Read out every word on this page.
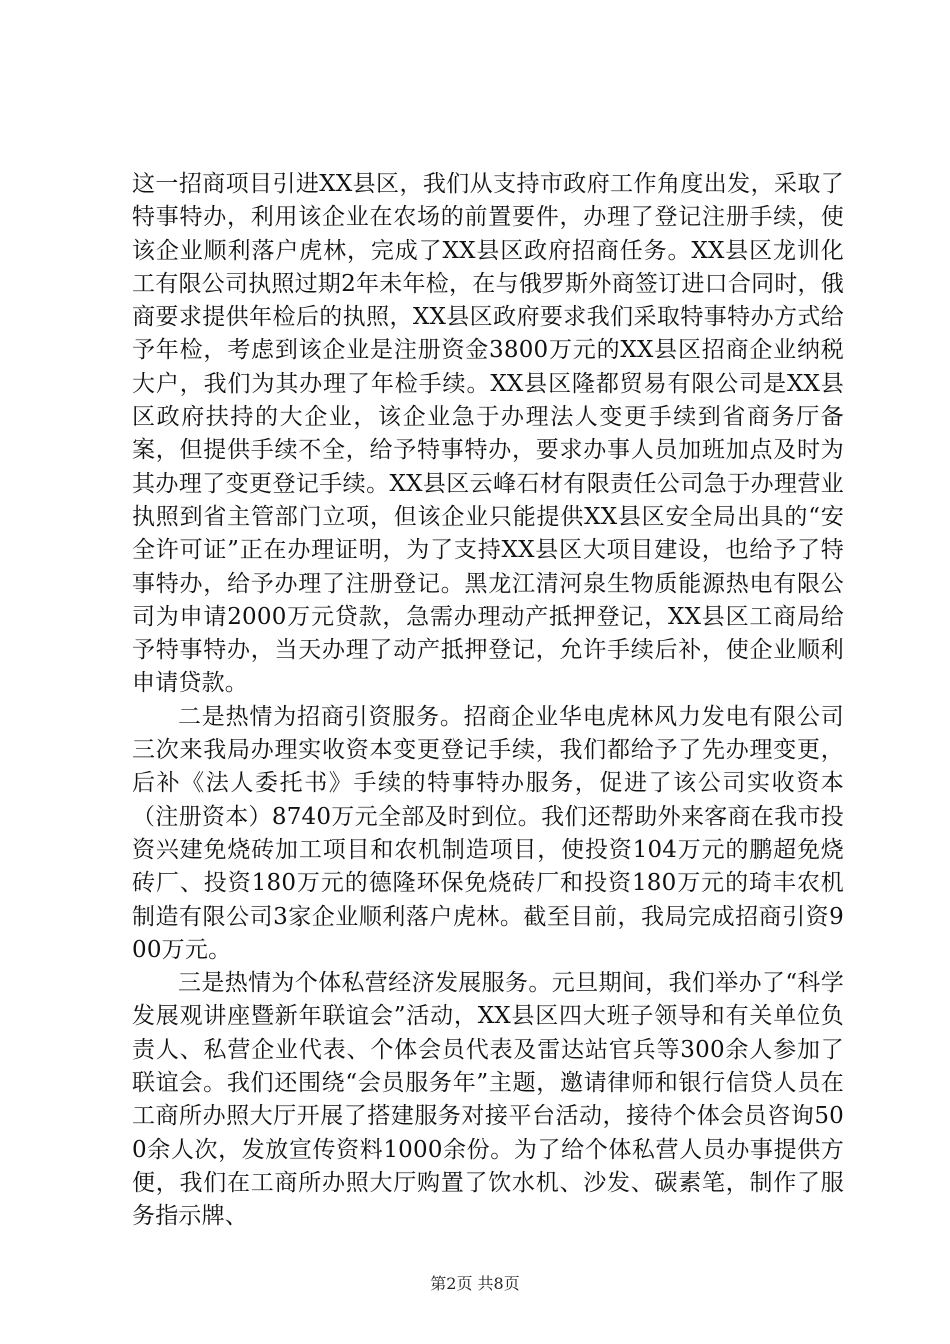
这一招商项目引进XX县区，我们从支持市政府工作角度出发，采取了特事特办，利用该企业在农场的前置要件，办理了登记注册手续，使该企业顺利落户虎林，完成了XX县区政府招商任务。XX县区龙训化工有限公司执照过期2年未年检，在与俄罗斯外商签订进口合同时，俄商要求提供年检后的执照，XX县区政府要求我们采取特事特办方式给予年检，考虑到该企业是注册资金3800万元的XX县区招商企业纳税大户，我们为其办理了年检手续。XX县区隆都贸易有限公司是XX县区政府扶持的大企业，该企业急于办理法人变更手续到省商务厅备案，但提供手续不全，给予特事特办，要求办事人员加班加点及时为其办理了变更登记手续。XX县区云峰石材有限责任公司急于办理营业执照到省主管部门立项，但该企业只能提供XX县区安全局出具的“安全许可证”正在办理证明，为了支持XX县区大项目建设，也给予了特事特办，给予办理了注册登记。黑龙江清河泉生物质能源热电有限公司为申请2000万元贷款，急需办理动产抵押登记，XX县区工商局给予特事特办，当天办理了动产抵押登记，允许手续后补，使企业顺利申请贷款。

二是热情为招商引资服务。招商企业华电虎林风力发电有限公司三次来我局办理实收资本变更登记手续，我们都给予了先办理变更，后补《法人委托书》手续的特事特办服务，促进了该公司实收资本（注册资本）8740万元全部及时到位。我们还帮助外来客商在我市投资兴建免烧砖加工项目和农机制造项目，使投资104万元的鹏超免烧砖厂、投资180万元的德隆环保免烧砖厂和投资180万元的琦丰农机制造有限公司3家企业顺利落户虎林。截至目前，我局完成招商引资900万元。

三是热情为个体私营经济发展服务。元旦期间，我们举办了“科学发展观讲座暨新年联谊会”活动，XX县区四大班子领导和有关单位负责人、私营企业代表、个体会员代表及雷达站官兵等300余人参加了联谊会。我们还围绕“会员服务年”主题，邀请律师和银行信贷人员在工商所办照大厅开展了搭建服务对接平台活动，接待个体会员咨询500余人次，发放宣传资料1000余份。为了给个体私营人员办事提供方便，我们在工商所办照大厅购置了饮水机、沙发、碳素笔，制作了服务指示牌、

第2页 共8页
